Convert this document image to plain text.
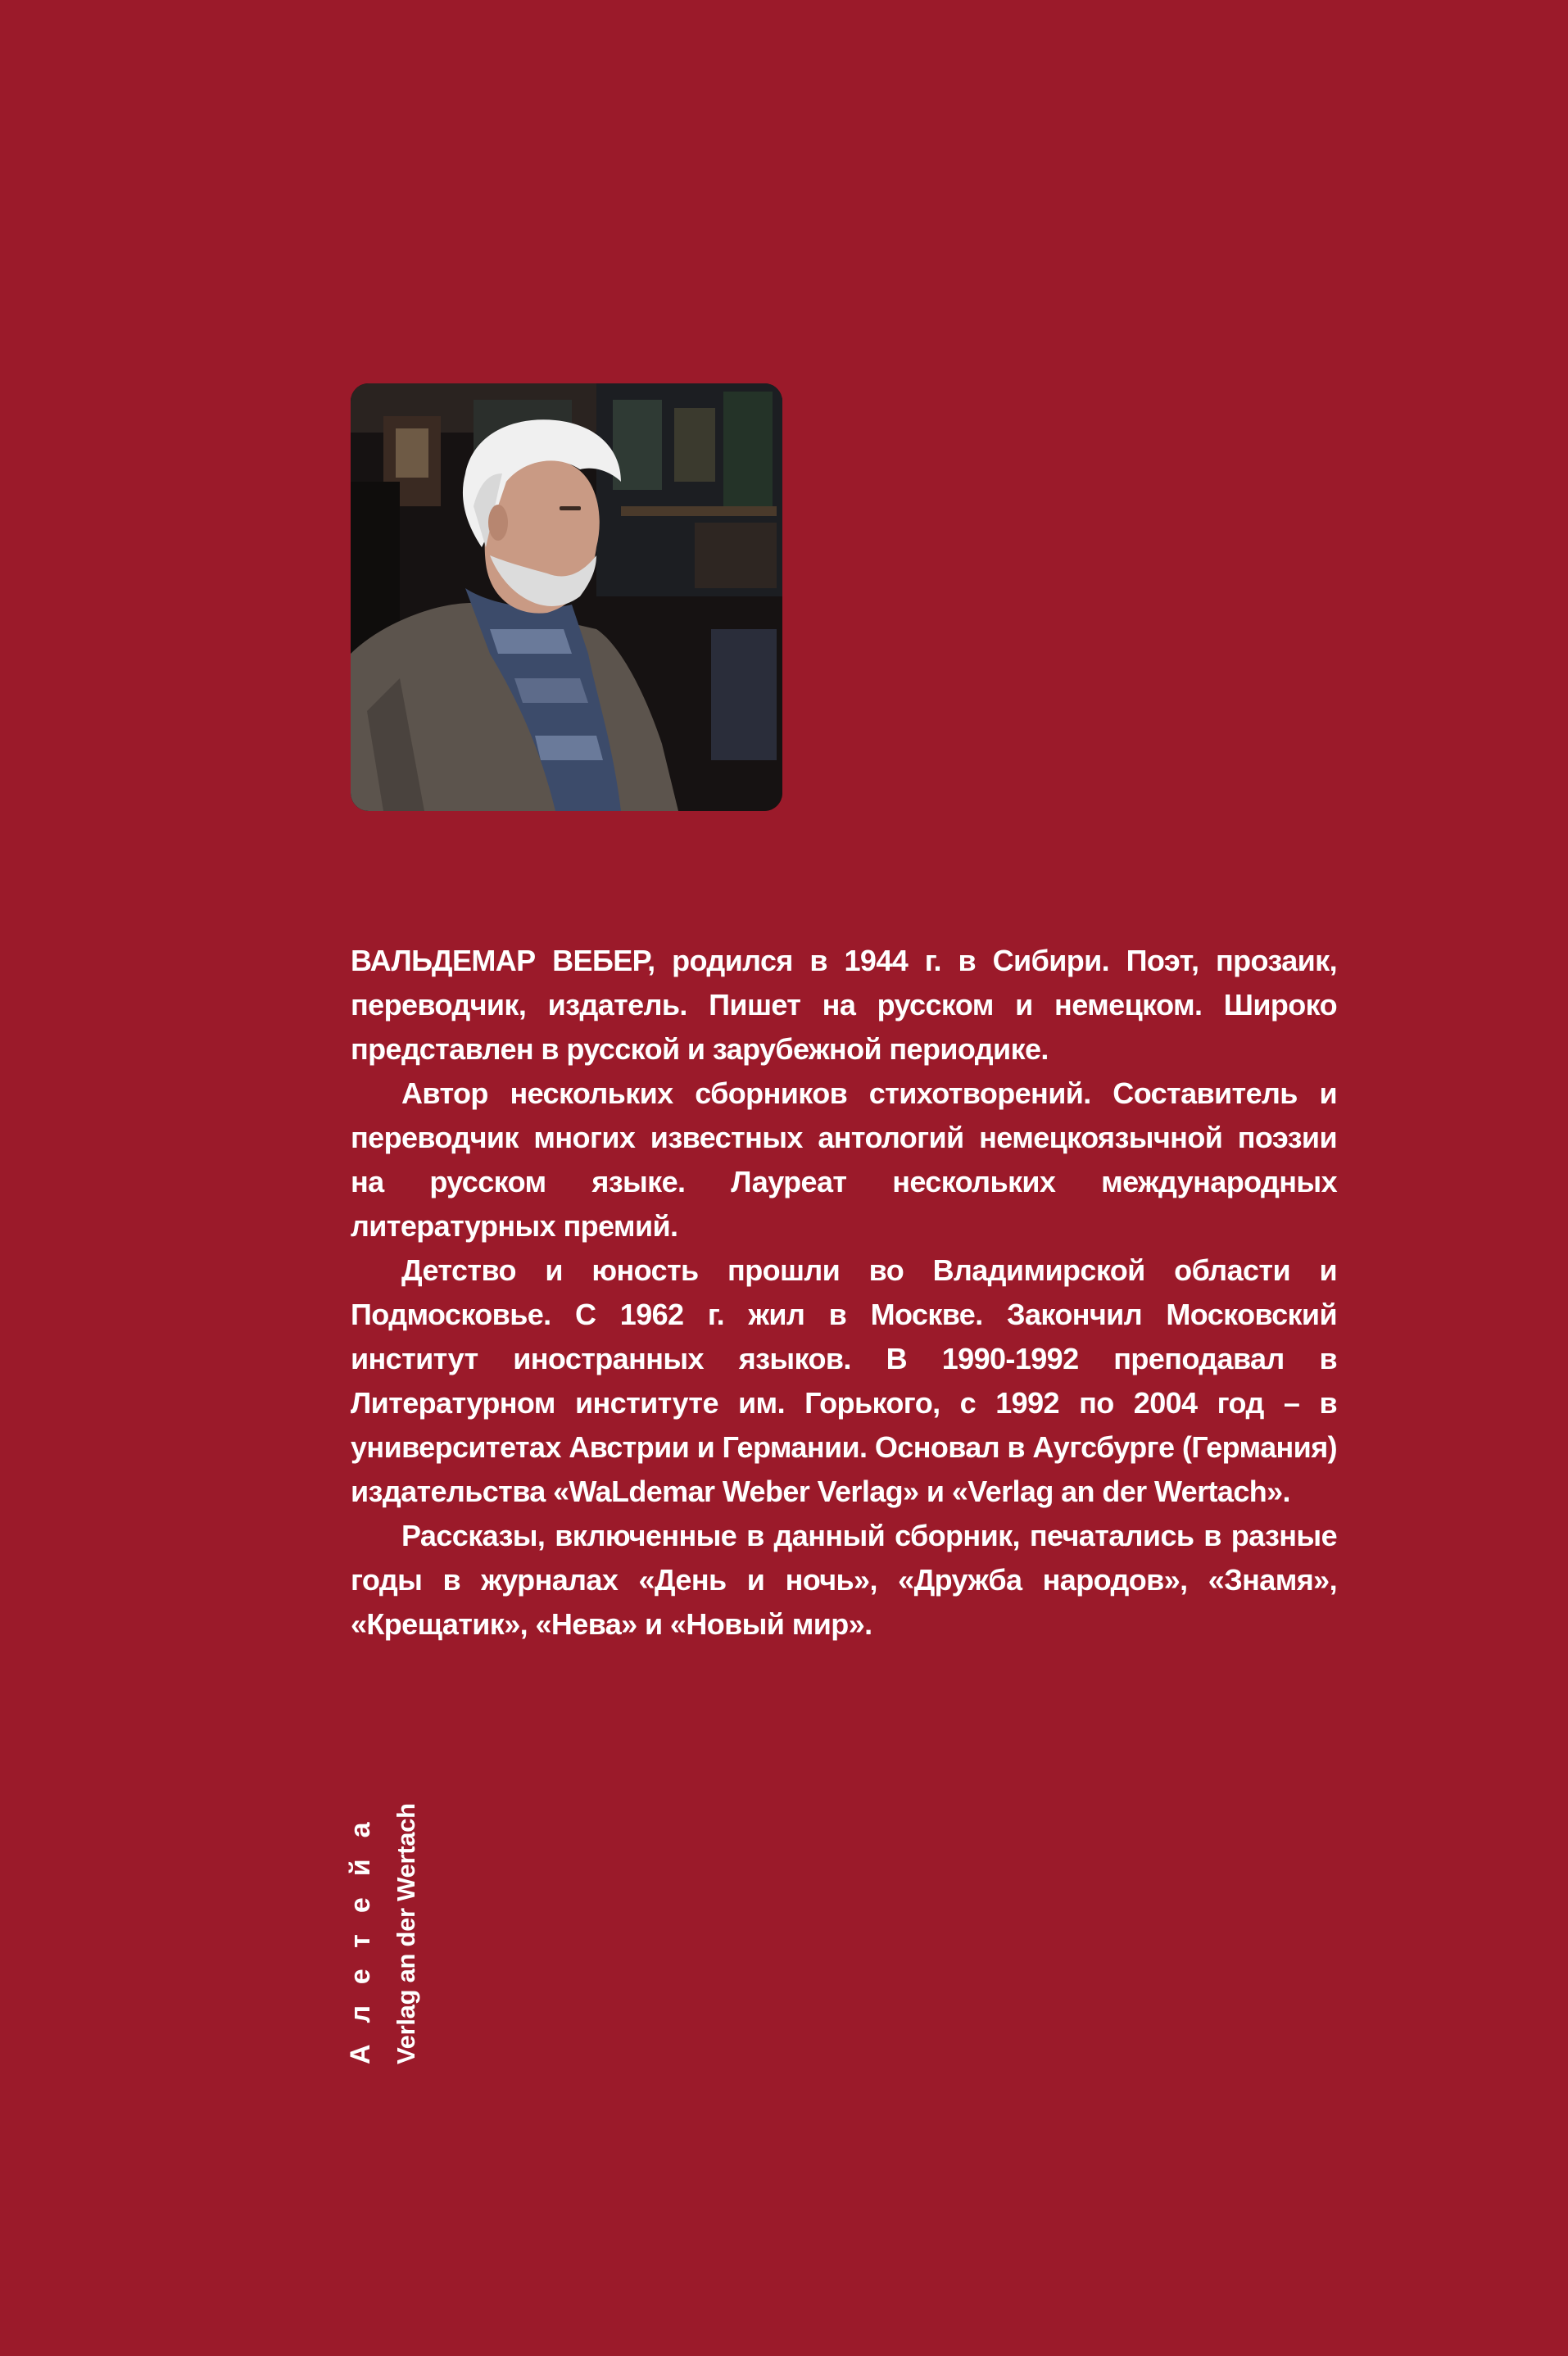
ВАЛЬДЕМАР ВЕБЕР, родился в 1944 г. в Сибири. Поэт, прозаик, переводчик, издатель. Пишет на русском и немецком. Широко представлен в русской и зарубежной периодике.

Автор нескольких сборников стихотворений. Составитель и переводчик многих известных антологий немецкоязычной поэзии на русском языке. Лауреат нескольких международных литературных премий.

Детство и юность прошли во Владимирской области и Подмосковье. С 1962 г. жил в Москве. Закончил Московский институт иностранных языков. В 1990-1992 преподавал в Литературном институте им. Горького, с 1992 по 2004 год – в университетах Австрии и Германии. Основал в Аугсбурге (Германия) издательства «WaLdemar Weber Verlag» и «Verlag an der Wertach».

Рассказы, включенные в данный сборник, печатались в разные годы в журналах «День и ночь», «Дружба народов», «Знамя», «Крещатик», «Нева» и «Новый мир».

Алетейа Verlag an der Wertach
